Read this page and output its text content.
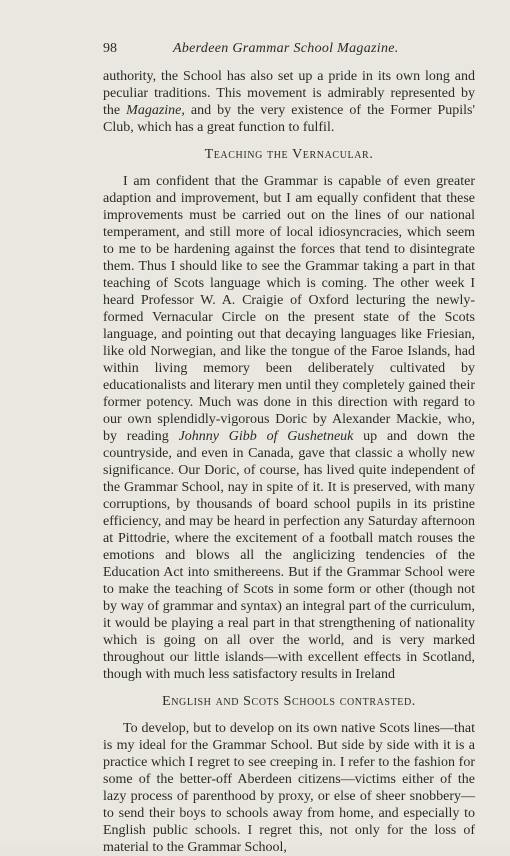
98	Aberdeen Grammar School Magazine.

authority, the School has also set up a pride in its own long and peculiar traditions. This movement is admirably represented by the Magazine, and by the very existence of the Former Pupils' Club, which has a great function to fulfil.

Teaching the Vernacular.

I am confident that the Grammar is capable of even greater adaption and improvement, but I am equally confident that these improvements must be carried out on the lines of our national temperament, and still more of local idiosyncracies, which seem to me to be hardening against the forces that tend to disintegrate them. Thus I should like to see the Grammar taking a part in that teaching of Scots language which is coming. The other week I heard Professor W. A. Craigie of Oxford lecturing the newly-formed Vernacular Circle on the present state of the Scots language, and pointing out that decaying languages like Friesian, like old Norwegian, and like the tongue of the Faroe Islands, had within living memory been deliberately cultivated by educationalists and literary men until they completely gained their former potency. Much was done in this direction with regard to our own splendidly-vigorous Doric by Alexander Mackie, who, by reading Johnny Gibb of Gushetneuk up and down the countryside, and even in Canada, gave that classic a wholly new significance. Our Doric, of course, has lived quite independent of the Grammar School, nay in spite of it. It is preserved, with many corruptions, by thousands of board school pupils in its pristine efficiency, and may be heard in perfection any Saturday afternoon at Pittodrie, where the excitement of a football match rouses the emotions and blows all the anglicizing tendencies of the Education Act into smithereens. But if the Grammar School were to make the teaching of Scots in some form or other (though not by way of grammar and syntax) an integral part of the curriculum, it would be playing a real part in that strengthening of nationality which is going on all over the world, and is very marked throughout our little islands—with excellent effects in Scotland, though with much less satisfactory results in Ireland

English and Scots Schools contrasted.

To develop, but to develop on its own native Scots lines—that is my ideal for the Grammar School. But side by side with it is a practice which I regret to see creeping in. I refer to the fashion for some of the better-off Aberdeen citizens—victims either of the lazy process of parenthood by proxy, or else of sheer snobbery—to send their boys to schools away from home, and especially to English public schools. I regret this, not only for the loss of material to the Grammar School,
